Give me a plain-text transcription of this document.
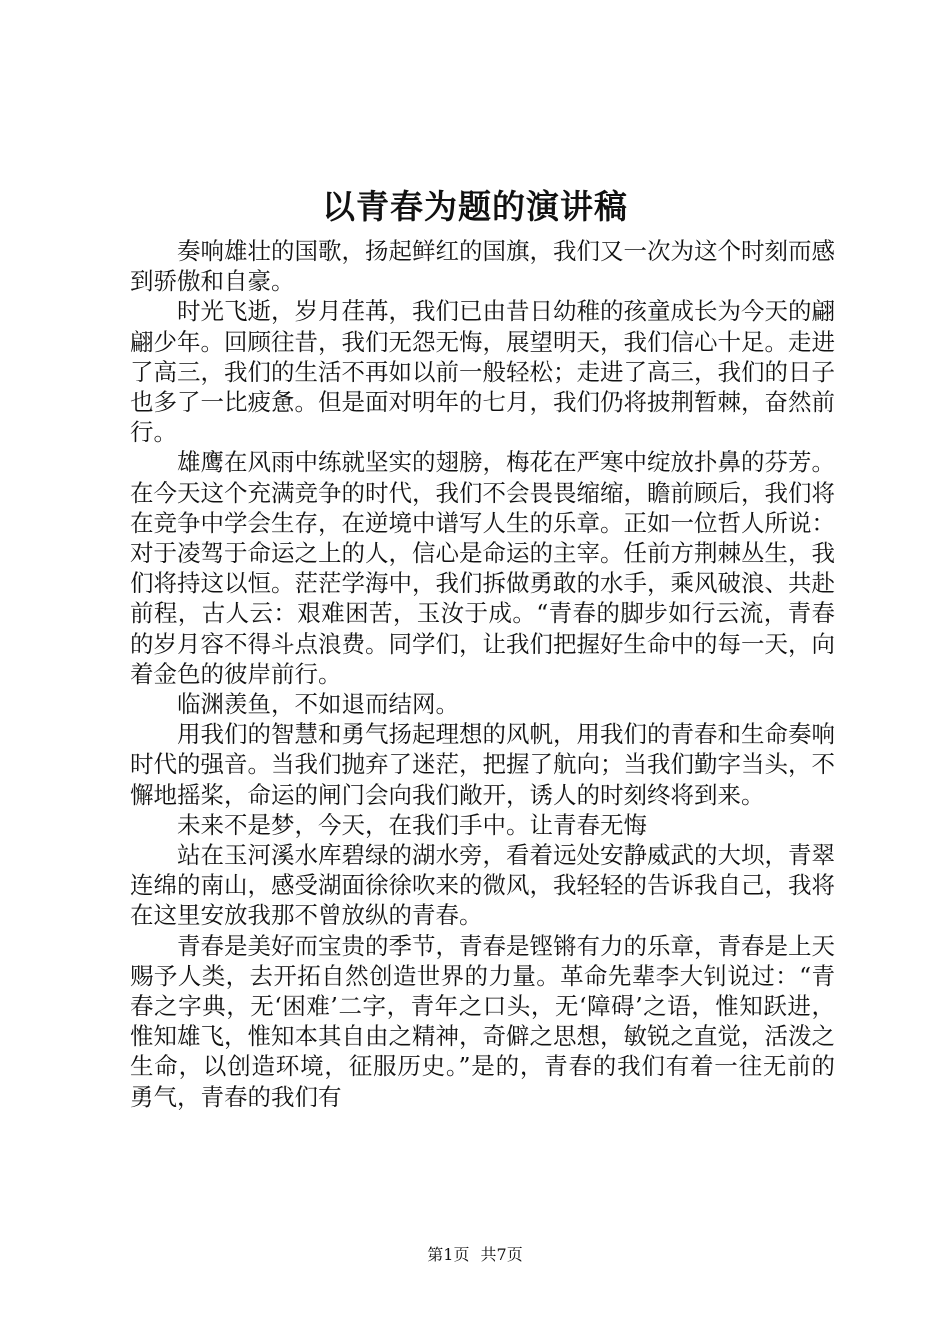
以青春为题的演讲稿

奏响雄壮的国歌，扬起鲜红的国旗，我们又一次为这个时刻而感到骄傲和自豪。

时光飞逝，岁月荏苒，我们已由昔日幼稚的孩童成长为今天的翩翩少年。回顾往昔，我们无怨无悔，展望明天，我们信心十足。走进了高三，我们的生活不再如以前一般轻松；走进了高三，我们的日子也多了一比疲惫。但是面对明年的七月，我们仍将披荆暂棘，奋然前行。

雄鹰在风雨中练就坚实的翅膀，梅花在严寒中绽放扑鼻的芬芳。在今天这个充满竞争的时代，我们不会畏畏缩缩，瞻前顾后，我们将在竞争中学会生存，在逆境中谱写人生的乐章。正如一位哲人所说：对于凌驾于命运之上的人，信心是命运的主宰。任前方荆棘丛生，我们将持这以恒。茫茫学海中，我们拆做勇敢的水手，乘风破浪、共赴前程，古人云：艰难困苦，玉汝于成。“青春的脚步如行云流，青春的岁月容不得斗点浪费。同学们，让我们把握好生命中的每一天，向着金色的彼岸前行。

临渊羡鱼，不如退而结网。

用我们的智慧和勇气扬起理想的风帆，用我们的青春和生命奏响时代的强音。当我们抛弃了迷茫，把握了航向；当我们勤字当头，不懈地摇桨，命运的闸门会向我们敞开，诱人的时刻终将到来。

未来不是梦，今天，在我们手中。让青春无悔

站在玉河溪水库碧绿的湖水旁，看着远处安静威武的大坝，青翠连绵的南山，感受湖面徐徐吹来的微风，我轻轻的告诉我自己，我将在这里安放我那不曾放纵的青春。

青春是美好而宝贵的季节，青春是铿锵有力的乐章，青春是上天赐予人类，去开拓自然创造世界的力量。革命先辈李大钊说过：“青春之字典，无‘困难’二字，青年之口头，无‘障碍’之语，惟知跃进，惟知雄飞，惟知本其自由之精神，奇僻之思想，敏锐之直觉，活泼之生命，以创造环境，征服历史。”是的，青春的我们有着一往无前的勇气，青春的我们有

第1页 共7页
